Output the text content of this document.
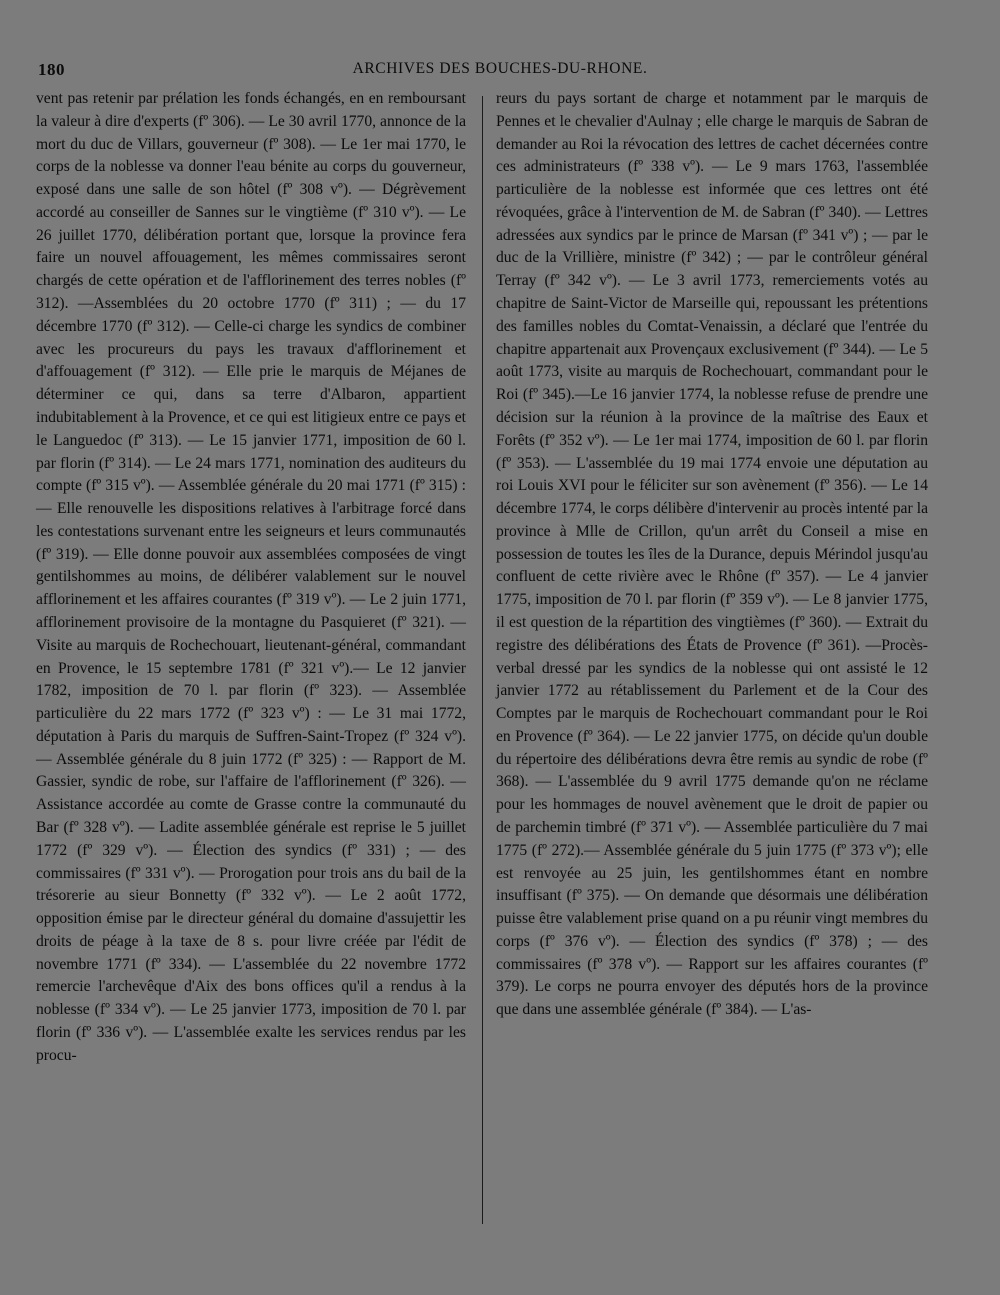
180	ARCHIVES DES BOUCHES-DU-RHONE.

vent pas retenir par prélation les fonds échangés, en en remboursant la valeur à dire d'experts (fº 306). — Le 30 avril 1770, annonce de la mort du duc de Villars, gouverneur (fº 308). — Le 1er mai 1770, le corps de la noblesse va donner l'eau bénite au corps du gouverneur, exposé dans une salle de son hôtel (fº 308 vº). — Dégrèvement accordé au conseiller de Sannes sur le vingtième (fº 310 vº). — Le 26 juillet 1770, délibération portant que, lorsque la province fera faire un nouvel affouagement, les mêmes commissaires seront chargés de cette opération et de l'afflorinement des terres nobles (fº 312). —Assemblées du 20 octobre 1770 (fº 311) ; — du 17 décembre 1770 (fº 312). — Celle-ci charge les syndics de combiner avec les procureurs du pays les travaux d'afflorinement et d'affouagement (fº 312). — Elle prie le marquis de Méjanes de déterminer ce qui, dans sa terre d'Albaron, appartient indubitablement à la Provence, et ce qui est litigieux entre ce pays et le Languedoc (fº 313). — Le 15 janvier 1771, imposition de 60 l. par florin (fº 314). — Le 24 mars 1771, nomination des auditeurs du compte (fº 315 vº). — Assemblée générale du 20 mai 1771 (fº 315) : — Elle renouvelle les dispositions relatives à l'arbitrage forcé dans les contestations survenant entre les seigneurs et leurs communautés (fº 319). — Elle donne pouvoir aux assemblées composées de vingt gentilshommes au moins, de délibérer valablement sur le nouvel afflorinement et les affaires courantes (fº 319 vº). — Le 2 juin 1771, afflorinement provisoire de la montagne du Pasquieret (fº 321). — Visite au marquis de Rochechouart, lieutenant-général, commandant en Provence, le 15 septembre 1781 (fº 321 vº).— Le 12 janvier 1782, imposition de 70 l. par florin (fº 323). — Assemblée particulière du 22 mars 1772 (fº 323 vº) : — Le 31 mai 1772, députation à Paris du marquis de Suffren-Saint-Tropez (fº 324 vº). — Assemblée générale du 8 juin 1772 (fº 325) : — Rapport de M. Gassier, syndic de robe, sur l'affaire de l'afflorinement (fº 326). — Assistance accordée au comte de Grasse contre la communauté du Bar (fº 328 vº). — Ladite assemblée générale est reprise le 5 juillet 1772 (fº 329 vº). — Élection des syndics (fº 331) ; — des commissaires (fº 331 vº). — Prorogation pour trois ans du bail de la trésorerie au sieur Bonnetty (fº 332 vº). — Le 2 août 1772, opposition émise par le directeur général du domaine d'assujettir les droits de péage à la taxe de 8 s. pour livre créée par l'édit de novembre 1771 (fº 334). — L'assemblée du 22 novembre 1772 remercie l'archevêque d'Aix des bons offices qu'il a rendus à la noblesse (fº 334 vº). — Le 25 janvier 1773, imposition de 70 l. par florin (fº 336 vº). — L'assemblée exalte les services rendus par les procu-

reurs du pays sortant de charge et notamment par le marquis de Pennes et le chevalier d'Aulnay ; elle charge le marquis de Sabran de demander au Roi la révocation des lettres de cachet décernées contre ces administrateurs (fº 338 vº). — Le 9 mars 1763, l'assemblée particulière de la noblesse est informée que ces lettres ont été révoquées, grâce à l'intervention de M. de Sabran (fº 340). — Lettres adressées aux syndics par le prince de Marsan (fº 341 vº) ; — par le duc de la Vrillière, ministre (fº 342) ; — par le contrôleur général Terray (fº 342 vº). — Le 3 avril 1773, remerciements votés au chapitre de Saint-Victor de Marseille qui, repoussant les prétentions des familles nobles du Comtat-Venaissin, a déclaré que l'entrée du chapitre appartenait aux Provençaux exclusivement (fº 344). — Le 5 août 1773, visite au marquis de Rochechouart, commandant pour le Roi (fº 345).—Le 16 janvier 1774, la noblesse refuse de prendre une décision sur la réunion à la province de la maîtrise des Eaux et Forêts (fº 352 vº). — Le 1er mai 1774, imposition de 60 l. par florin (fº 353). — L'assemblée du 19 mai 1774 envoie une députation au roi Louis XVI pour le féliciter sur son avènement (fº 356). — Le 14 décembre 1774, le corps délibère d'intervenir au procès intenté par la province à Mlle de Crillon, qu'un arrêt du Conseil a mise en possession de toutes les îles de la Durance, depuis Mérindol jusqu'au confluent de cette rivière avec le Rhône (fº 357). — Le 4 janvier 1775, imposition de 70 l. par florin (fº 359 vº). — Le 8 janvier 1775, il est question de la répartition des vingtièmes (fº 360). — Extrait du registre des délibérations des États de Provence (fº 361). —Procès-verbal dressé par les syndics de la noblesse qui ont assisté le 12 janvier 1772 au rétablissement du Parlement et de la Cour des Comptes par le marquis de Rochechouart commandant pour le Roi en Provence (fº 364). — Le 22 janvier 1775, on décide qu'un double du répertoire des délibérations devra être remis au syndic de robe (fº 368). — L'assemblée du 9 avril 1775 demande qu'on ne réclame pour les hommages de nouvel avènement que le droit de papier ou de parchemin timbré (fº 371 vº). — Assemblée particulière du 7 mai 1775 (fº 272).— Assemblée générale du 5 juin 1775 (fº 373 vº); elle est renvoyée au 25 juin, les gentilshommes étant en nombre insuffisant (fº 375). — On demande que désormais une délibération puisse être valablement prise quand on a pu réunir vingt membres du corps (fº 376 vº). — Élection des syndics (fº 378) ; — des commissaires (fº 378 vº). — Rapport sur les affaires courantes (fº 379). Le corps ne pourra envoyer des députés hors de la province que dans une assemblée générale (fº 384). — L'as-
